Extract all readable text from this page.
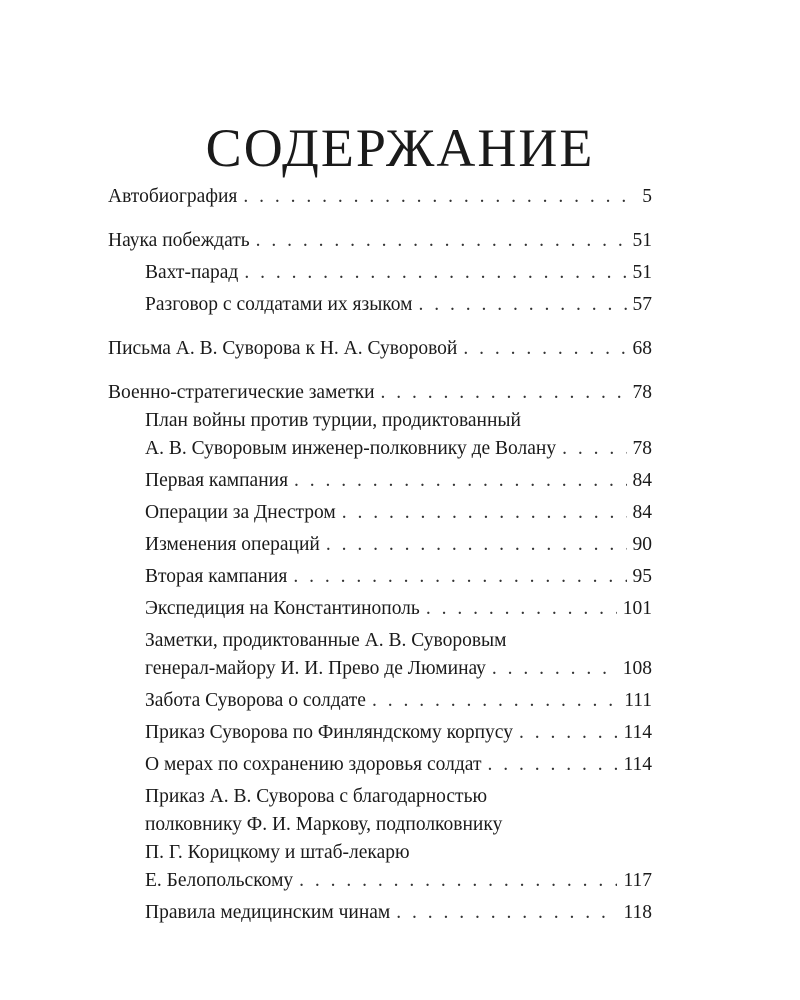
СОДЕРЖАНИЕ
Автобиография . . .	5
Наука побеждать . . .	51
Вахт-парад . . .	51
Разговор с солдатами их языком . . .	57
Письма А. В. Суворова к Н. А. Суворовой . . .	68
Военно-стратегические заметки . . .	78
План войны против турции, продиктованный
А. В. Суворовым инженер-полковнику де Волану . . .	78
Первая кампания . . .	84
Операции за Днестром . . .	84
Изменения операций . . .	90
Вторая кампания . . .	95
Экспедиция на Константинополь . . .	101
Заметки, продиктованные А. В. Суворовым
генерал-майору И. И. Прево де Люминау . . .	108
Забота Суворова о солдате . . .	111
Приказ Суворова по Финляндскому корпусу . . .	114
О мерах по сохранению здоровья солдат . . .	114
Приказ А. В. Суворова с благодарностью
полковнику Ф. И. Маркову, подполковнику
П. Г. Корицкому и штаб-лекарю
Е. Белопольскому . . .	117
Правила медицинским чинам . . .	118
